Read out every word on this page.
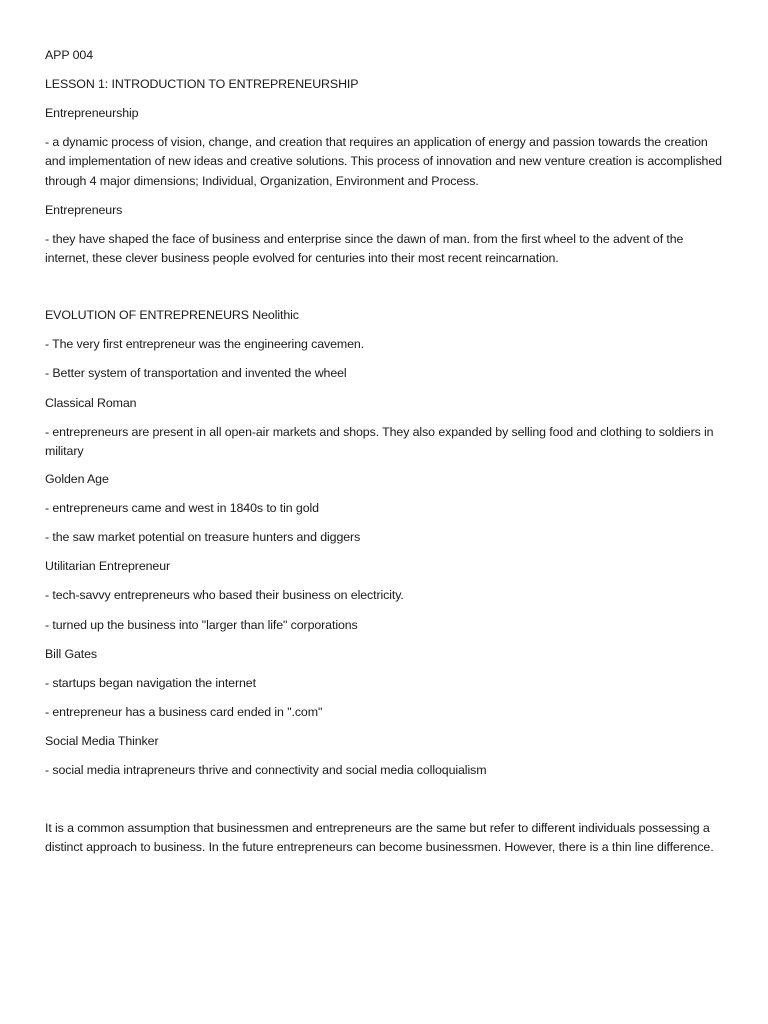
APP 004

LESSON 1: INTRODUCTION TO ENTREPRENEURSHIP

Entrepreneurship

- a dynamic process of vision, change, and creation that requires an application of energy and passion towards the creation and implementation of new ideas and creative solutions. This process of innovation and new venture creation is accomplished through 4 major dimensions; Individual, Organization, Environment and Process.

Entrepreneurs

- they have shaped the face of business and enterprise since the dawn of man. from the first wheel to the advent of the internet, these clever business people evolved for centuries into their most recent reincarnation.

EVOLUTION OF ENTREPRENEURS Neolithic

- The very first entrepreneur was the engineering cavemen.

- Better system of transportation and invented the wheel

Classical Roman

- entrepreneurs are present in all open-air markets and shops. They also expanded by selling food and clothing to soldiers in military

Golden Age

- entrepreneurs came and west in 1840s to tin gold

- the saw market potential on treasure hunters and diggers

Utilitarian Entrepreneur

- tech-savvy entrepreneurs who based their business on electricity.

- turned up the business into "larger than life" corporations

Bill Gates

- startups began navigation the internet

- entrepreneur has a business card ended in ".com"

Social Media Thinker

- social media intrapreneurs thrive and connectivity and social media colloquialism

It is a common assumption that businessmen and entrepreneurs are the same but refer to different individuals possessing a distinct approach to business. In the future entrepreneurs can become businessmen. However, there is a thin line difference.
